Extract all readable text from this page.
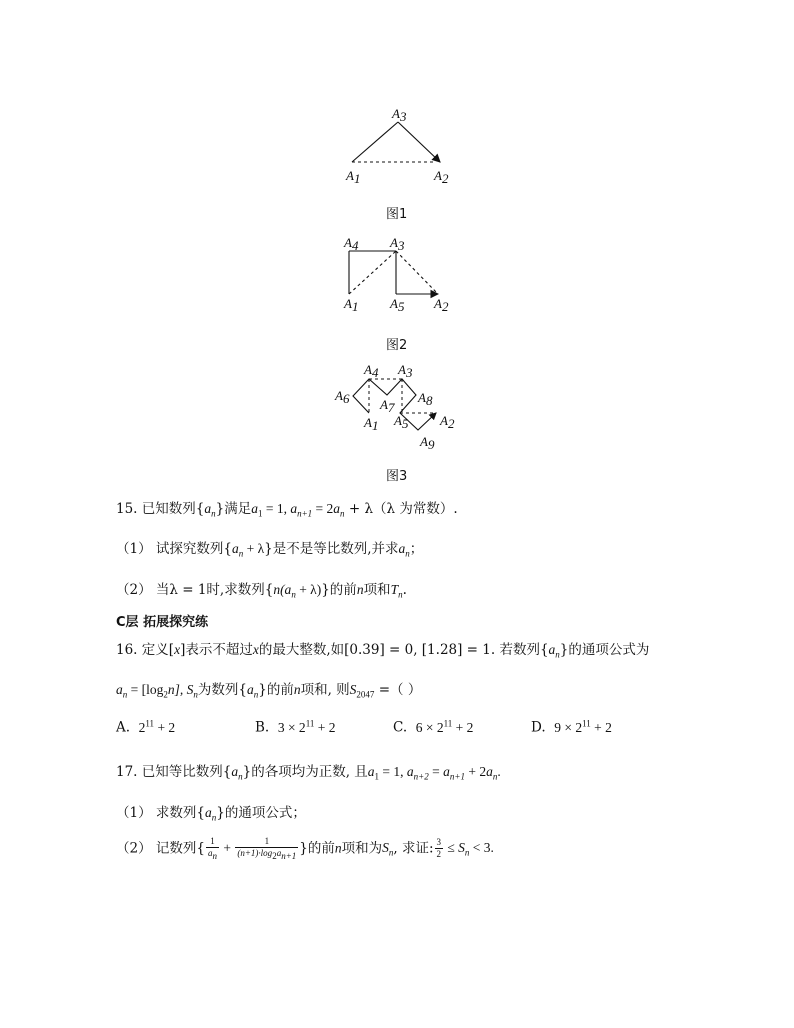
A3
A1	A2
图1
A4 A3
A1 A5 A2
图2
A4 A3
A6 A7
A8
A1 A5 A2
A9
图3
15. 已知数列$\{a_n\}$满足$a_1 = 1$, $a_{n+1} = 2a_n + \lambda(\lambda$ 为常数）.
（1） 试探究数列$\{a_n + \lambda\}$是不是等比数列,并求$a_n$；
（2） 当λ = 1时,求数列$\{n(a_n + \lambda)\}$的前n项和$T_n$.
C层 拓展探究练
16. 定义[x]表示不超过x的最大整数,如[0.39] = 0, [1.28] = 1. 若数列$\{a_n\}$的通项公式为
$a_n = [\log_2n]$, $S_n$为数列$\{a_n\}$的前n项和, 则$S_{2047}$ =（ ）
A. $2^{11} + 2$	B. $3 \times 2^{11} + 2$	C. $6 \times 2^{11} + 2$	D. $9 \times 2^{11} + 2$
17. 已知等比数列$\{a_n\}$的各项均为正数, 且$a_1 = 1$, $a_{n+2} = a_{n+1} + 2a_n$.
（1） 求数列$\{a_n\}$的通项公式；
（2） 记数列{ $\frac{1}{a_n} + \frac{1}{(n+1)\cdot\log_2a_{n+1}}$ }的前n项和为$S_n$, 求证: $\frac{3}{2} \le S_n < 3$.
